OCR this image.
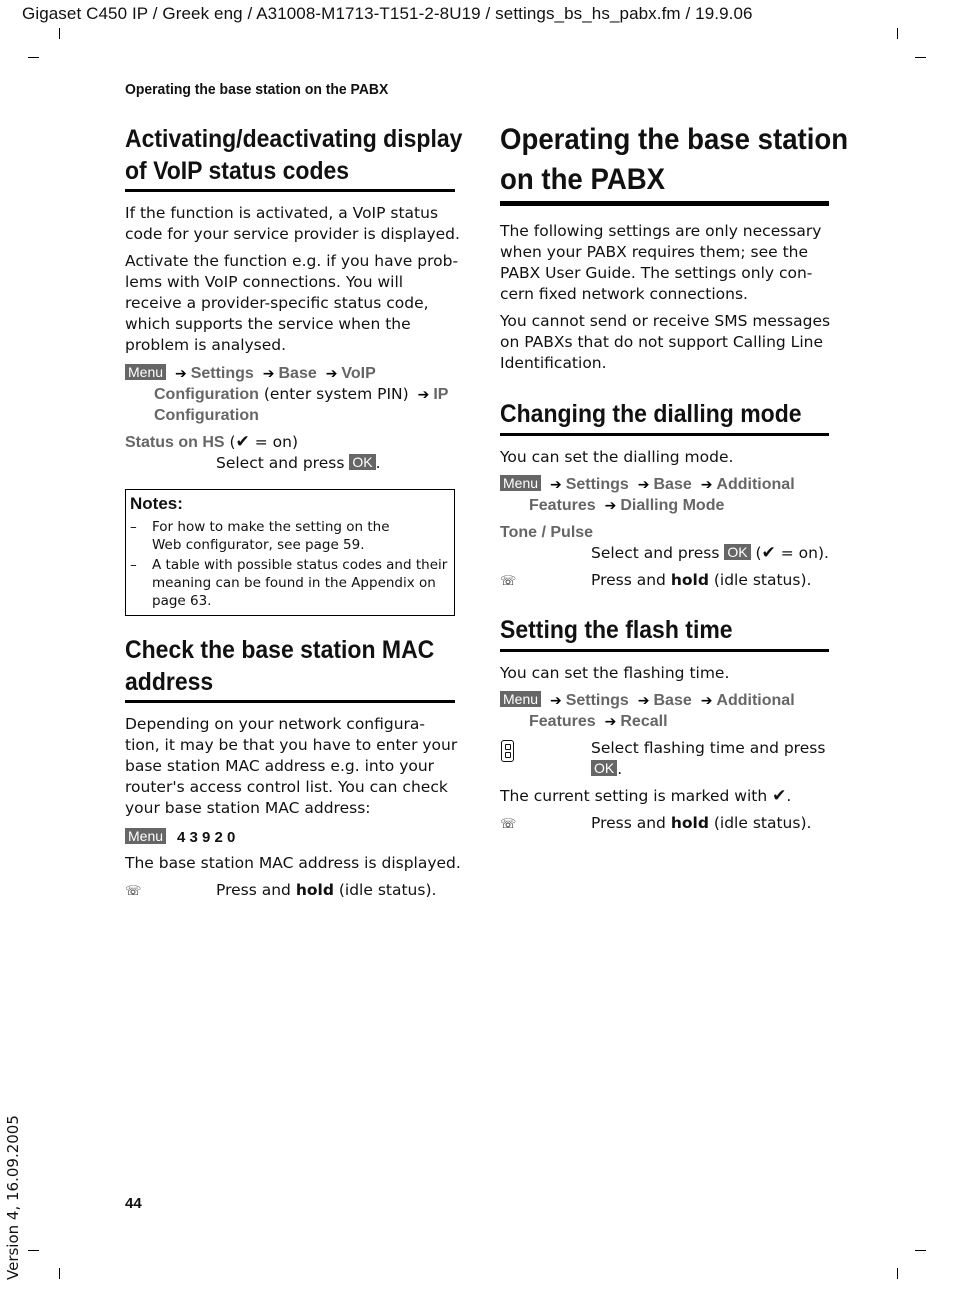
Gigaset C450 IP / Greek eng / A31008-M1713-T151-2-8U19 / settings_bs_hs_pabx.fm / 19.9.06
Operating the base station on the PABX
Activating/deactivating display
of VoIP status codes
If the function is activated, a VoIP status
code for your service provider is displayed.
Activate the function e.g. if you have prob-
lems with VoIP connections. You will
receive a provider-specific status code,
which supports the service when the
problem is analysed.
Menu ➔ Settings ➔ Base ➔ VoIP
Configuration (enter system PIN) ➔ IP
Configuration
Status on HS (✔ = on)
Select and press OK .
Notes:
– For how to make the setting on the
Web configurator, see page 59.
– A table with possible status codes and their
meaning can be found in the Appendix on
page 63.
Check the base station MAC
address
Depending on your network configura-
tion, it may be that you have to enter your
base station MAC address e.g. into your
router's access control list. You can check
your base station MAC address:
Menu 4 3 9 2 0
The base station MAC address is displayed.
☏	Press and hold (idle status).
Operating the base station
on the PABX
The following settings are only necessary
when your PABX requires them; see the
PABX User Guide. The settings only con-
cern fixed network connections.
You cannot send or receive SMS messages
on PABXs that do not support Calling Line
Identification.
Changing the dialling mode
You can set the dialling mode.
Menu ➔ Settings ➔ Base ➔ Additional
Features ➔ Dialling Mode
Tone / Pulse
Select and press OK (✔ = on).
☏	Press and hold (idle status).
Setting the flash time
You can set the flashing time.
Menu ➔ Settings ➔ Base ➔ Additional
Features ➔ Recall
Select flashing time and press
OK .
The current setting is marked with ✔.
☏	Press and hold (idle status).
44
Version 4, 16.09.2005
